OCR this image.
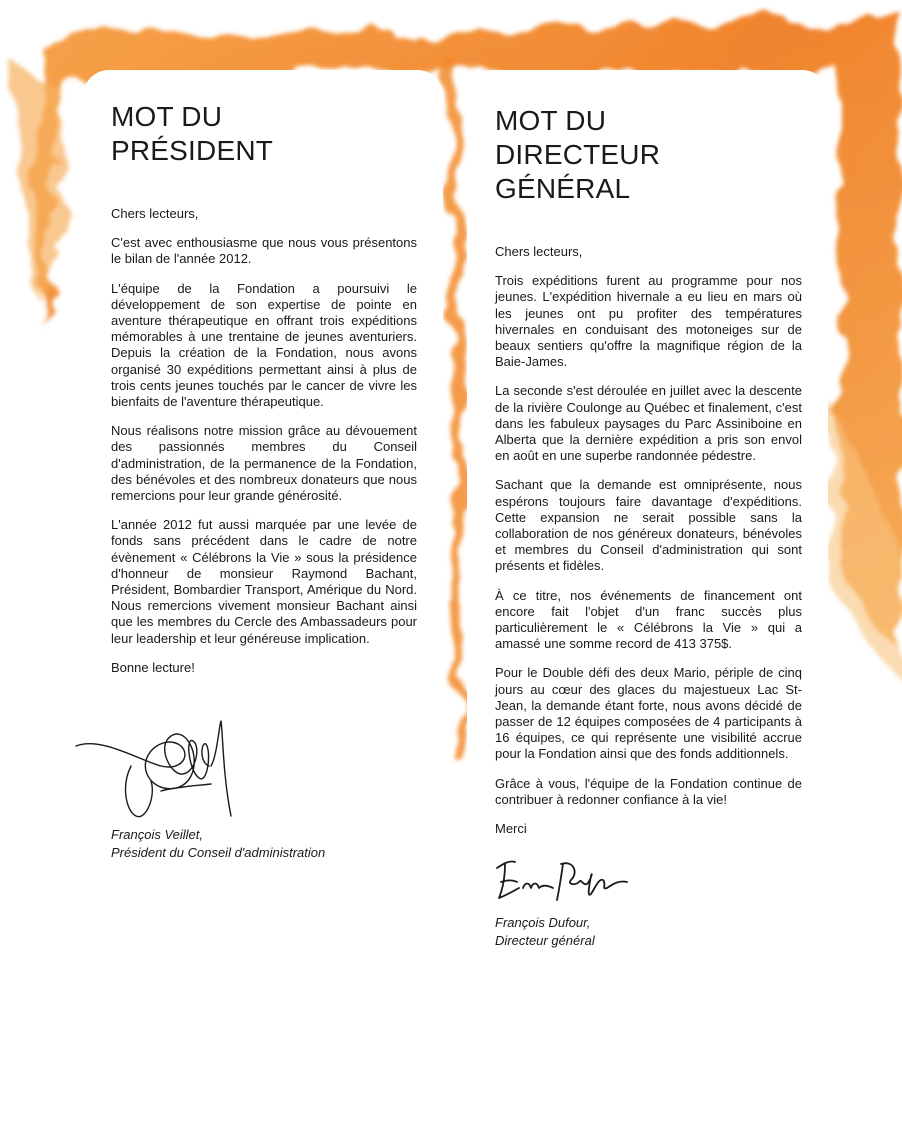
MOT DU
PRÉSIDENT

Chers lecteurs,

C'est avec enthousiasme que nous vous présentons le bilan de l'année 2012.

L'équipe de la Fondation a poursuivi le développement de son expertise de pointe en aventure thérapeutique en offrant trois expéditions mémorables à une trentaine de jeunes aventuriers. Depuis la création de la Fondation, nous avons organisé 30 expéditions permettant ainsi à plus de trois cents jeunes touchés par le cancer de vivre les bienfaits de l'aventure thérapeutique.

Nous réalisons notre mission grâce au dévouement des passionnés membres du Conseil d'administration, de la permanence de la Fondation, des bénévoles et des nombreux donateurs que nous remercions pour leur grande générosité.

L'année 2012 fut aussi marquée par une levée de fonds sans précédent dans le cadre de notre évènement « Célébrons la Vie » sous la présidence d'honneur de monsieur Raymond Bachant, Président, Bombardier Transport, Amérique du Nord. Nous remercions vivement monsieur Bachant ainsi que les membres du Cercle des Ambassadeurs pour leur leadership et leur généreuse implication.

Bonne lecture!

François Veillet,
Président du Conseil d'administration

MOT DU
DIRECTEUR GÉNÉRAL

Chers lecteurs,

Trois expéditions furent au programme pour nos jeunes. L'expédition hivernale a eu lieu en mars où les jeunes ont pu profiter des températures hivernales en conduisant des motoneiges sur de beaux sentiers qu'offre la magnifique région de la Baie-James.

La seconde s'est déroulée en juillet avec la descente de la rivière Coulonge au Québec et finalement, c'est dans les fabuleux paysages du Parc Assiniboine en Alberta que la dernière expédition a pris son envol en août en une superbe randonnée pédestre.

Sachant que la demande est omniprésente, nous espérons toujours faire davantage d'expéditions. Cette expansion ne serait possible sans la collaboration de nos généreux donateurs, bénévoles et membres du Conseil d'administration qui sont présents et fidèles.

À ce titre, nos événements de financement ont encore fait l'objet d'un franc succès plus particulièrement le « Célébrons la Vie » qui a amassé une somme record de 413 375$.

Pour le Double défi des deux Mario, périple de cinq jours au cœur des glaces du majestueux Lac St-Jean, la demande étant forte, nous avons décidé de passer de 12 équipes composées de 4 participants à 16 équipes, ce qui représente une visibilité accrue pour la Fondation ainsi que des fonds additionnels.

Grâce à vous, l'équipe de la Fondation continue de contribuer à redonner confiance à la vie!

Merci

François Dufour,
Directeur général
